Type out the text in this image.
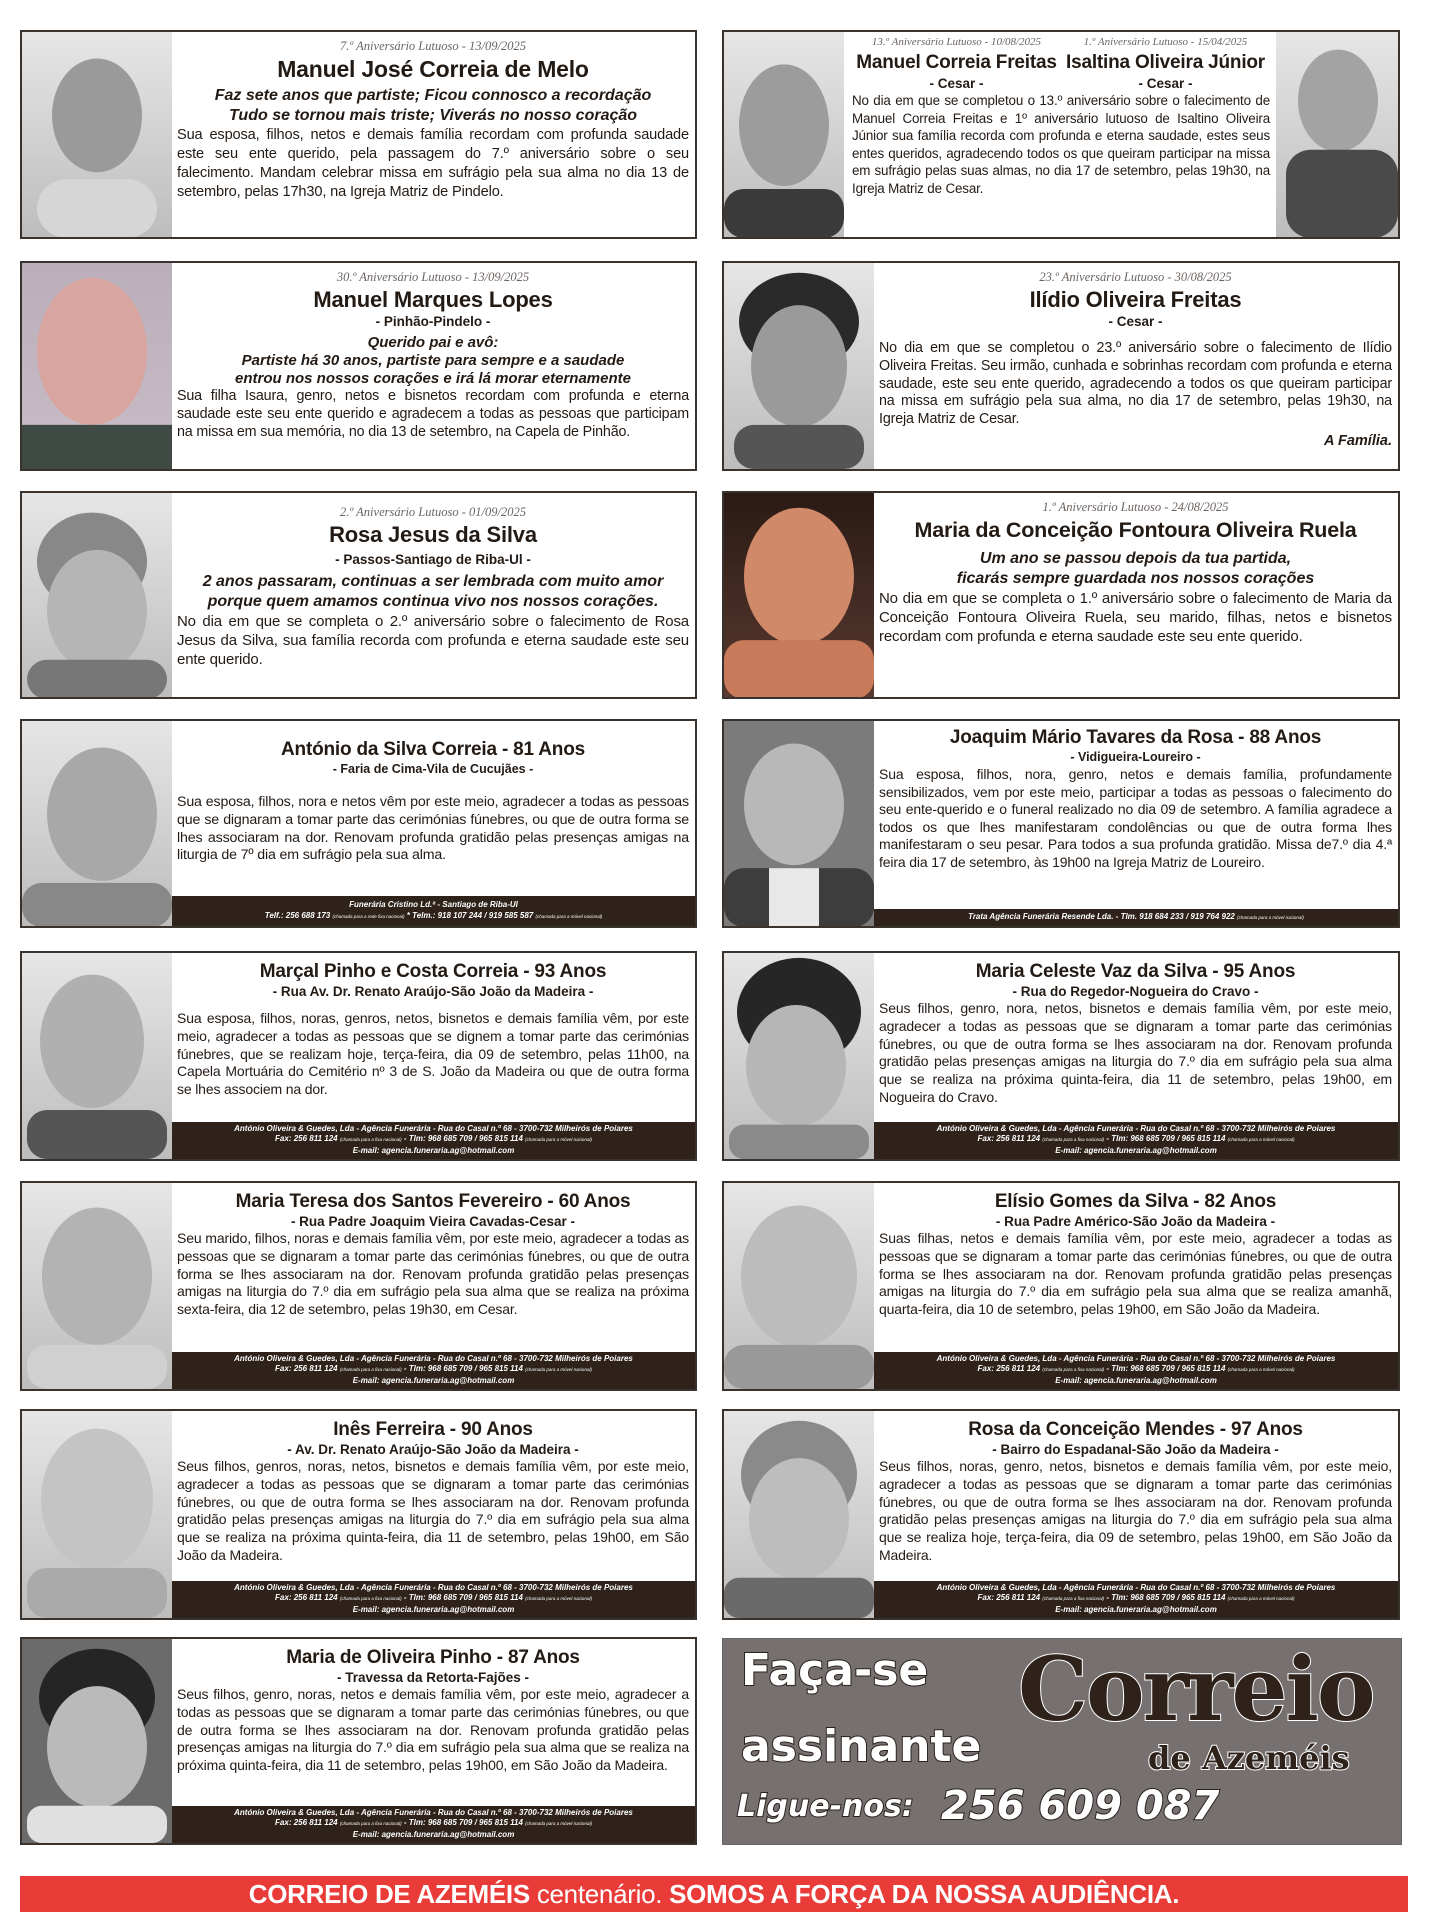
7.º Aniversário Lutuoso - 13/09/2025
Manuel José Correia de Melo
Faz sete anos que partiste; Ficou connosco a recordação
Tudo se tornou mais triste; Viverás no nosso coração
Sua esposa, filhos, netos e demais família recordam com profunda saudade este seu ente querido, pela passagem do 7.º aniversário sobre o seu falecimento. Mandam celebrar missa em sufrágio pela sua alma no dia 13 de setembro, pelas 17h30, na Igreja Matriz de Pindelo.
13.º Aniversário Lutuoso - 10/08/2025
Manuel Correia Freitas
- Cesar -
1.º Aniversário Lutuoso - 15/04/2025
Isaltina Oliveira Júnior
- Cesar -
No dia em que se completou o 13.º aniversário sobre o falecimento de Manuel Correia Freitas e 1º aniversário lutuoso de Isaltino Oliveira Júnior sua família recorda com profunda e eterna saudade, estes seus entes queridos, agradecendo todos os que queiram participar na missa em sufrágio pelas suas almas, no dia 17 de setembro, pelas 19h30, na Igreja Matriz de Cesar.
30.º Aniversário Lutuoso - 13/09/2025
Manuel Marques Lopes
- Pinhão-Pindelo -
Querido pai e avô:
Partiste há 30 anos, partiste para sempre e a saudade
entrou nos nossos corações e irá lá morar eternamente
Sua filha Isaura, genro, netos e bisnetos recordam com profunda e eterna saudade este seu ente querido e agradecem a todas as pessoas que participam na missa em sua memória, no dia 13 de setembro, na Capela de Pinhão.
23.º Aniversário Lutuoso - 30/08/2025
Ilídio Oliveira Freitas
- Cesar -
No dia em que se completou o 23.º aniversário sobre o falecimento de Ilídio Oliveira Freitas. Seu irmão, cunhada e sobrinhas recordam com profunda e eterna saudade, este seu ente querido, agradecendo a todos os que queiram participar na missa em sufrágio pela sua alma, no dia 17 de setembro, pelas 19h30, na Igreja Matriz de Cesar.
A Família.
2.º Aniversário Lutuoso - 01/09/2025
Rosa Jesus da Silva
- Passos-Santiago de Riba-Ul -
2 anos passaram, continuas a ser lembrada com muito amor
porque quem amamos continua vivo nos nossos corações.
No dia em que se completa o 2.º aniversário sobre o falecimento de Rosa Jesus da Silva, sua família recorda com profunda e eterna saudade este seu ente querido.
1.º Aniversário Lutuoso - 24/08/2025
Maria da Conceição Fontoura Oliveira Ruela
Um ano se passou depois da tua partida,
ficarás sempre guardada nos nossos corações
No dia em que se completa o 1.º aniversário sobre o falecimento de Maria da Conceição Fontoura Oliveira Ruela, seu marido, filhas, netos e bisnetos recordam com profunda e eterna saudade este seu ente querido.
António da Silva Correia - 81 Anos
- Faria de Cima-Vila de Cucujães -
Sua esposa, filhos, nora e netos vêm por este meio, agradecer a todas as pessoas que se dignaram a tomar parte das cerimónias fúnebres, ou que de outra forma se lhes associaram na dor. Renovam profunda gratidão pelas presenças amigas na liturgia de 7º dia em sufrágio pela sua alma.
Funerária Cristino Ld.ª - Santiago de Riba-Ul
Telf.: 256 688 173 (chamada para a rede fixa nacional) * Telm.: 918 107 244 / 919 585 587 (chamada para a móvel nacional)
Joaquim Mário Tavares da Rosa - 88 Anos
- Vidigueira-Loureiro -
Sua esposa, filhos, nora, genro, netos e demais família, profundamente sensibilizados, vem por este meio, participar a todas as pessoas o falecimento do seu ente-querido e o funeral realizado no dia 09 de setembro. A família agradece a todos os que lhes manifestaram condolências ou que de outra forma lhes manifestaram o seu pesar. Para todos a sua profunda gratidão. Missa de7.º dia 4.ª feira dia 17 de setembro, às 19h00 na Igreja Matriz de Loureiro.
Trata Agência Funerária Resende Lda. - Tlm. 918 684 233 / 919 764 922 (chamada para a móvel nacional)
Marçal Pinho e Costa Correia - 93 Anos
- Rua Av. Dr. Renato Araújo-São João da Madeira -
Sua esposa, filhos, noras, genros, netos, bisnetos e demais família vêm, por este meio, agradecer a todas as pessoas que se dignem a tomar parte das cerimónias fúnebres, que se realizam hoje, terça-feira, dia 09 de setembro, pelas 11h00, na Capela Mortuária do Cemitério nº 3 de S. João da Madeira ou que de outra forma se lhes associem na dor.
António Oliveira & Guedes, Lda - Agência Funerária - Rua do Casal n.º 68 - 3700-732 Milheirós de Poiares
Fax: 256 811 124 (chamada para a fixa nacional) - Tlm: 968 685 709 / 965 815 114 (chamada para a móvel nacional)
E-mail: agencia.funeraria.ag@hotmail.com
Maria Celeste Vaz da Silva - 95 Anos
- Rua do Regedor-Nogueira do Cravo -
Seus filhos, genro, nora, netos, bisnetos e demais família vêm, por este meio, agradecer a todas as pessoas que se dignaram a tomar parte das cerimónias fúnebres, ou que de outra forma se lhes associaram na dor. Renovam profunda gratidão pelas presenças amigas na liturgia do 7.º dia em sufrágio pela sua alma que se realiza na próxima quinta-feira, dia 11 de setembro, pelas 19h00, em Nogueira do Cravo.
António Oliveira & Guedes, Lda - Agência Funerária - Rua do Casal n.º 68 - 3700-732 Milheirós de Poiares
Fax: 256 811 124 (chamada para a fixa nacional) - Tlm: 968 685 709 / 965 815 114 (chamada para a móvel nacional)
E-mail: agencia.funeraria.ag@hotmail.com
Maria Teresa dos Santos Fevereiro - 60 Anos
- Rua Padre Joaquim Vieira Cavadas-Cesar -
Seu marido, filhos, noras e demais família vêm, por este meio, agradecer a todas as pessoas que se dignaram a tomar parte das cerimónias fúnebres, ou que de outra forma se lhes associaram na dor. Renovam profunda gratidão pelas presenças amigas na liturgia do 7.º dia em sufrágio pela sua alma que se realiza na próxima sexta-feira, dia 12 de setembro, pelas 19h30, em Cesar.
António Oliveira & Guedes, Lda - Agência Funerária - Rua do Casal n.º 68 - 3700-732 Milheirós de Poiares
Fax: 256 811 124 (chamada para a fixa nacional) - Tlm: 968 685 709 / 965 815 114 (chamada para a móvel nacional)
E-mail: agencia.funeraria.ag@hotmail.com
Elísio Gomes da Silva - 82 Anos
- Rua Padre Américo-São João da Madeira -
Suas filhas, netos e demais família vêm, por este meio, agradecer a todas as pessoas que se dignaram a tomar parte das cerimónias fúnebres, ou que de outra forma se lhes associaram na dor. Renovam profunda gratidão pelas presenças amigas na liturgia do 7.º dia em sufrágio pela sua alma que se realiza amanhã, quarta-feira, dia 10 de setembro, pelas 19h00, em São João da Madeira.
António Oliveira & Guedes, Lda - Agência Funerária - Rua do Casal n.º 68 - 3700-732 Milheirós de Poiares
Fax: 256 811 124 (chamada para a fixa nacional) - Tlm: 968 685 709 / 965 815 114 (chamada para a móvel nacional)
E-mail: agencia.funeraria.ag@hotmail.com
Inês Ferreira - 90 Anos
- Av. Dr. Renato Araújo-São João da Madeira -
Seus filhos, genros, noras, netos, bisnetos e demais família vêm, por este meio, agradecer a todas as pessoas que se dignaram a tomar parte das cerimónias fúnebres, ou que de outra forma se lhes associaram na dor. Renovam profunda gratidão pelas presenças amigas na liturgia do 7.º dia em sufrágio pela sua alma que se realiza na próxima quinta-feira, dia 11 de setembro, pelas 19h00, em São João da Madeira.
António Oliveira & Guedes, Lda - Agência Funerária - Rua do Casal n.º 68 - 3700-732 Milheirós de Poiares
Fax: 256 811 124 (chamada para a fixa nacional) - Tlm: 968 685 709 / 965 815 114 (chamada para a móvel nacional)
E-mail: agencia.funeraria.ag@hotmail.com
Rosa da Conceição Mendes - 97 Anos
- Bairro do Espadanal-São João da Madeira -
Seus filhos, noras, genro, netos, bisnetos e demais família vêm, por este meio, agradecer a todas as pessoas que se dignaram a tomar parte das cerimónias fúnebres, ou que de outra forma se lhes associaram na dor. Renovam profunda gratidão pelas presenças amigas na liturgia do 7.º dia em sufrágio pela sua alma que se realiza hoje, terça-feira, dia 09 de setembro, pelas 19h00, em São João da Madeira.
António Oliveira & Guedes, Lda - Agência Funerária - Rua do Casal n.º 68 - 3700-732 Milheirós de Poiares
Fax: 256 811 124 (chamada para a fixa nacional) - Tlm: 968 685 709 / 965 815 114 (chamada para a móvel nacional)
E-mail: agencia.funeraria.ag@hotmail.com
Maria de Oliveira Pinho - 87 Anos
- Travessa da Retorta-Fajões -
Seus filhos, genro, noras, netos e demais família vêm, por este meio, agradecer a todas as pessoas que se dignaram a tomar parte das cerimónias fúnebres, ou que de outra forma se lhes associaram na dor. Renovam profunda gratidão pelas presenças amigas na liturgia do 7.º dia em sufrágio pela sua alma que se realiza na próxima quinta-feira, dia 11 de setembro, pelas 19h00, em São João da Madeira.
António Oliveira & Guedes, Lda - Agência Funerária - Rua do Casal n.º 68 - 3700-732 Milheirós de Poiares
Fax: 256 811 124 (chamada para a fixa nacional) - Tlm: 968 685 709 / 965 815 114 (chamada para a móvel nacional)
E-mail: agencia.funeraria.ag@hotmail.com
Faça-se
assinante
Ligue-nos: 256 609 087
Correio
de Azeméis
CORREIO DE AZEMÉIS centenário. SOMOS A FORÇA DA NOSSA AUDIÊNCIA.
